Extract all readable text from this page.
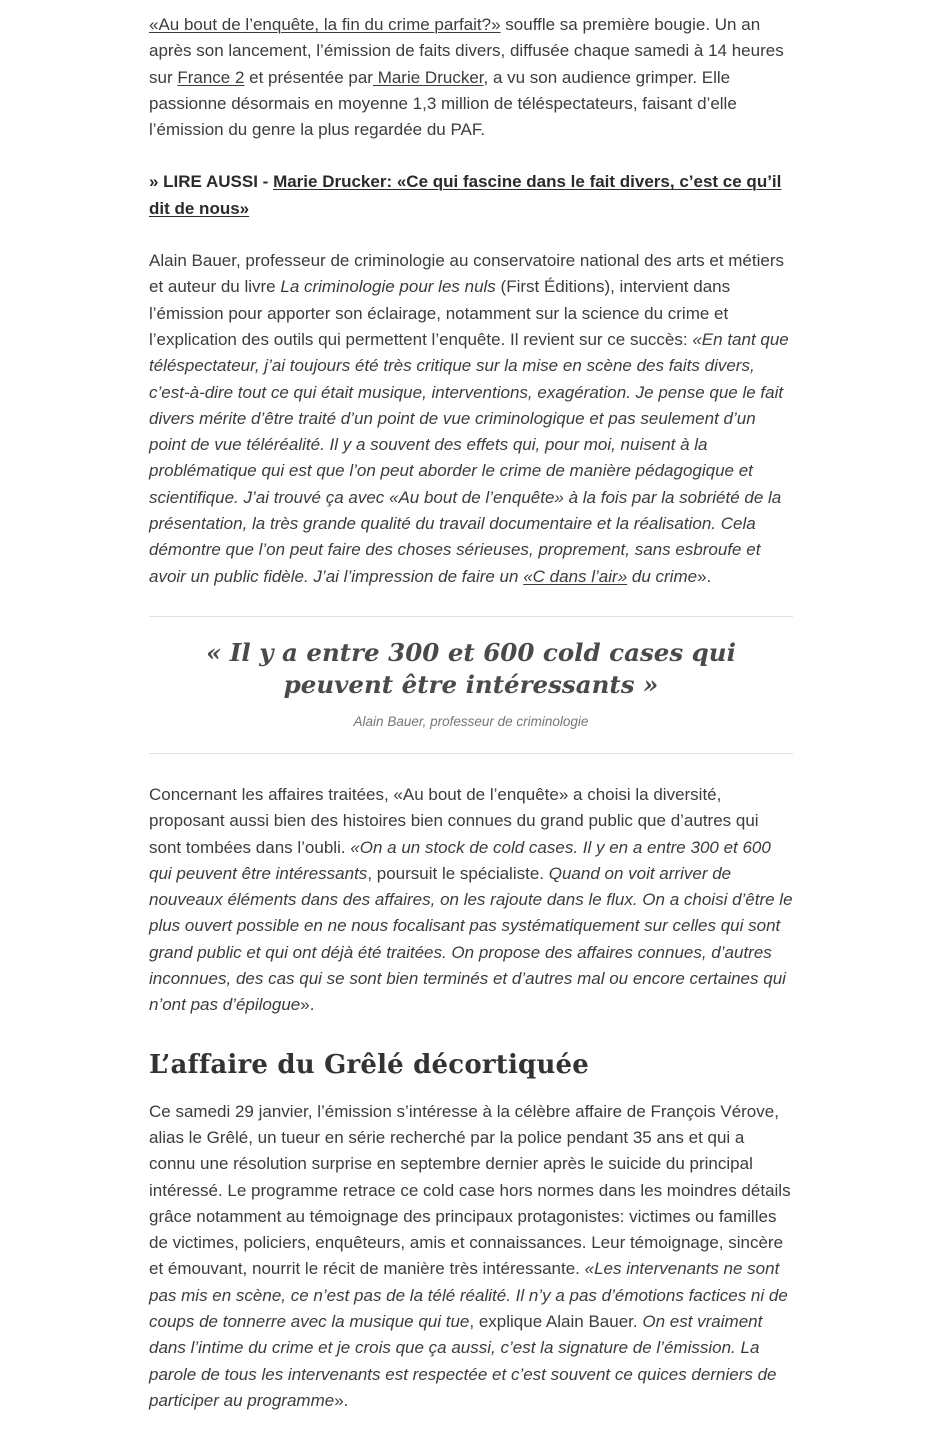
«Au bout de l’enquête, la fin du crime parfait?» souffle sa première bougie. Un an après son lancement, l’émission de faits divers, diffusée chaque samedi à 14 heures sur France 2 et présentée par Marie Drucker, a vu son audience grimper. Elle passionne désormais en moyenne 1,3 million de téléspectateurs, faisant d’elle l’émission du genre la plus regardée du PAF.

» LIRE AUSSI - Marie Drucker: «Ce qui fascine dans le fait divers, c’est ce qu’il dit de nous»

Alain Bauer, professeur de criminologie au conservatoire national des arts et métiers et auteur du livre La criminologie pour les nuls (First Éditions), intervient dans l’émission pour apporter son éclairage, notamment sur la science du crime et l’explication des outils qui permettent l’enquête. Il revient sur ce succès: «En tant que téléspectateur, j’ai toujours été très critique sur la mise en scène des faits divers, c’est-à-dire tout ce qui était musique, interventions, exagération. Je pense que le fait divers mérite d’être traité d’un point de vue criminologique et pas seulement d’un point de vue téléréalité. Il y a souvent des effets qui, pour moi, nuisent à la problématique qui est que l’on peut aborder le crime de manière pédagogique et scientifique. J’ai trouvé ça avec «Au bout de l’enquête» à la fois par la sobriété de la présentation, la très grande qualité du travail documentaire et la réalisation. Cela démontre que l’on peut faire des choses sérieuses, proprement, sans esbroufe et avoir un public fidèle. J’ai l’impression de faire un «C dans l’air» du crime».

« Il y a entre 300 et 600 cold cases qui peuvent être intéressants »
Alain Bauer, professeur de criminologie

Concernant les affaires traitées, «Au bout de l’enquête» a choisi la diversité, proposant aussi bien des histoires bien connues du grand public que d’autres qui sont tombées dans l’oubli. «On a un stock de cold cases. Il y en a entre 300 et 600 qui peuvent être intéressants, poursuit le spécialiste. Quand on voit arriver de nouveaux éléments dans des affaires, on les rajoute dans le flux. On a choisi d’être le plus ouvert possible en ne nous focalisant pas systématiquement sur celles qui sont grand public et qui ont déjà été traitées. On propose des affaires connues, d’autres inconnues, des cas qui se sont bien terminés et d’autres mal ou encore certaines qui n’ont pas d’épilogue».

L’affaire du Grêlé décortiquée

Ce samedi 29 janvier, l’émission s’intéresse à la célèbre affaire de François Vérove, alias le Grêlé, un tueur en série recherché par la police pendant 35 ans et qui a connu une résolution surprise en septembre dernier après le suicide du principal intéressé. Le programme retrace ce cold case hors normes dans les moindres détails grâce notamment au témoignage des principaux protagonistes: victimes ou familles de victimes, policiers, enquêteurs, amis et connaissances. Leur témoignage, sincère et émouvant, nourrit le récit de manière très intéressante. «Les intervenants ne sont pas mis en scène, ce n’est pas de la télé réalité. Il n’y a pas d’émotions factices ni de coups de tonnerre avec la musique qui tue, explique Alain Bauer. On est vraiment dans l’intime du crime et je crois que ça aussi, c’est la signature de l’émission. La parole de tous les intervenants est respectée et c’est souvent ce quices derniers de participer au programme».
